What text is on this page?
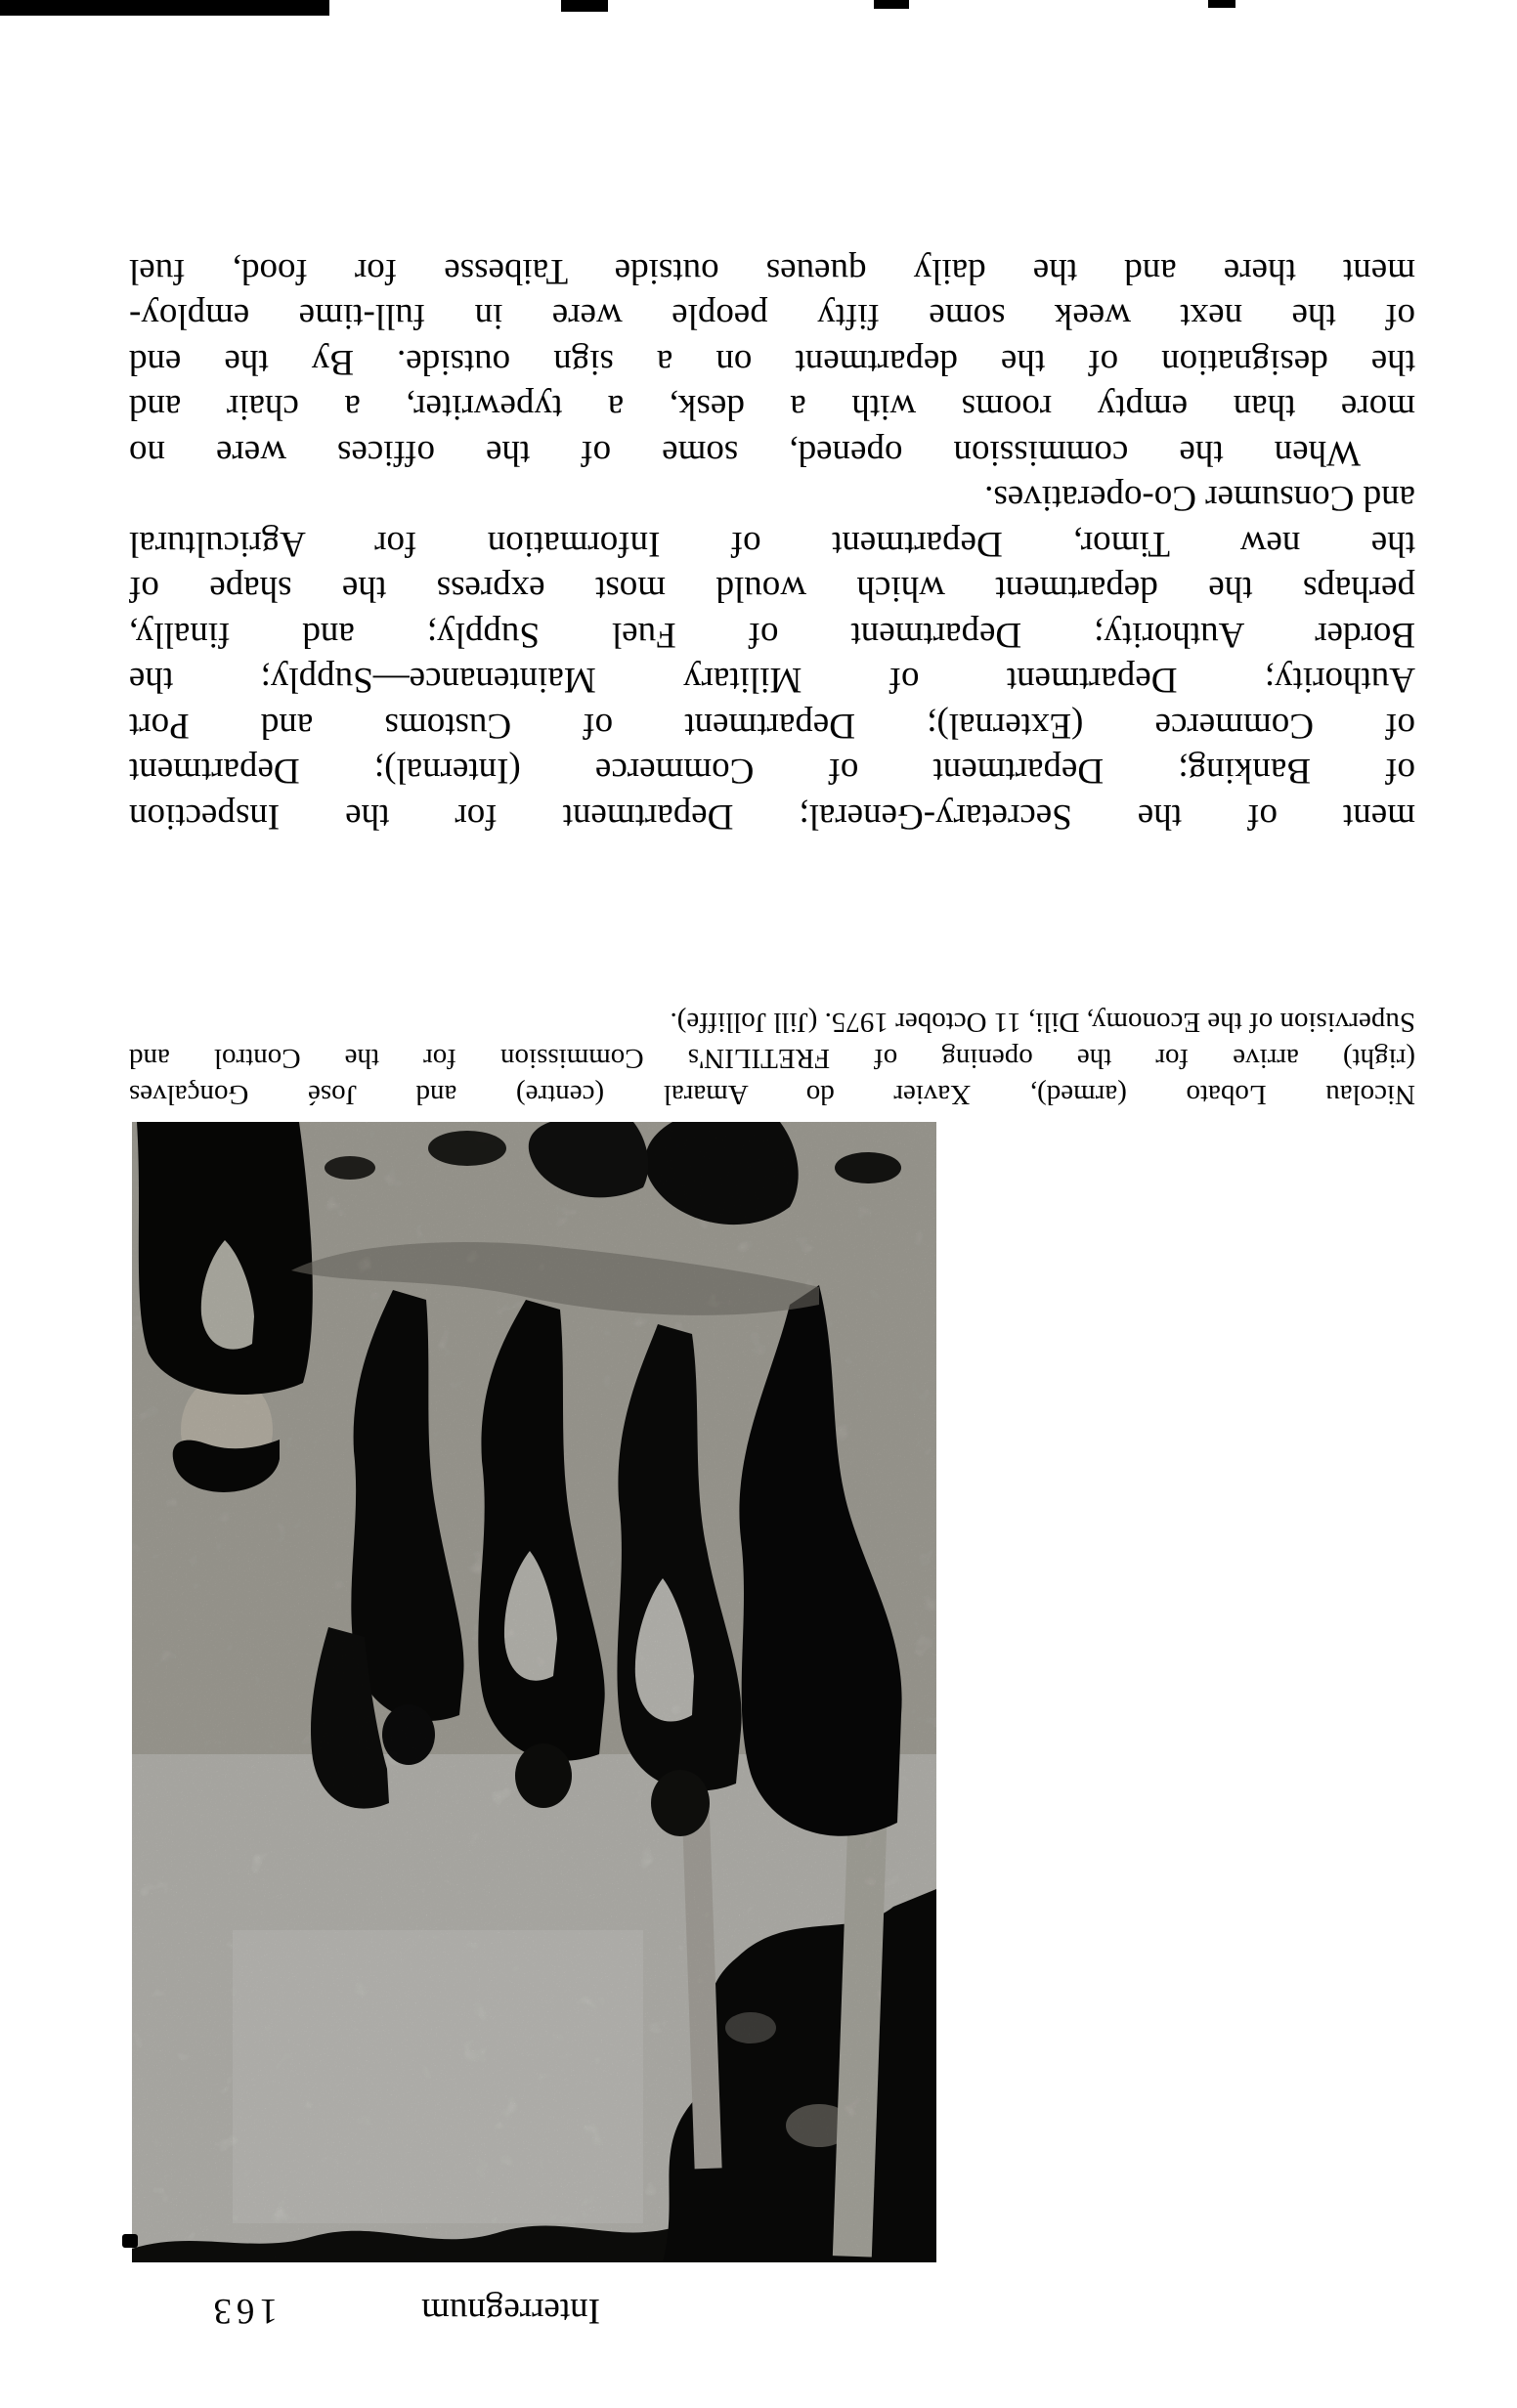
Interregnum
163
Nicolau Lobato (armed), Xavier do Amaral (centre) and José Gonçalves
(right) arrive for the opening of FRETILIN's Commission for the Control and
Supervision of the Economy, Dili, 11 October 1975. (Jill Jolliffe).
ment of the Secretary-General; Department for the Inspection
of Banking; Department of Commerce (Internal); Department
of Commerce (External); Department of Customs and Port
Authority; Department of Military Maintenance—Supply; the
Border Authority; Department of Fuel Supply; and finally,
perhaps the department which would most express the shape of
the new Timor, Department of Information for Agricultural
and Consumer Co-operatives.
When the commission opened, some of the offices were no
more than empty rooms with a desk, a typewriter, a chair and
the designation of the department on a sign outside. By the end
of the next week some fifty people were in full-time employ-
ment there and the daily queues outside Taibesse for food, fuel
